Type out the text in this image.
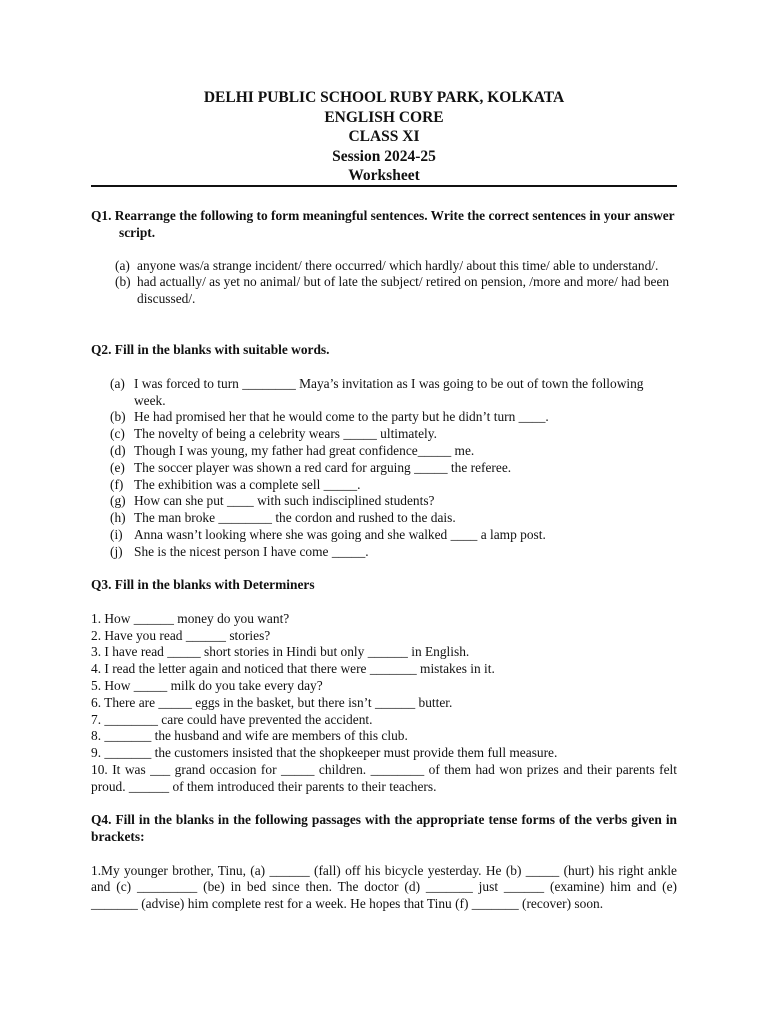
DELHI PUBLIC SCHOOL RUBY PARK, KOLKATA
ENGLISH CORE
CLASS XI
Session 2024-25
Worksheet
Q1. Rearrange the following to form meaningful sentences. Write the correct sentences in your answer script.
(a) anyone was/a strange incident/ there occurred/ which hardly/ about this time/ able to understand/.
(b) had actually/ as yet no animal/ but of late the subject/ retired on pension, /more and more/ had been discussed/.
Q2. Fill in the blanks with suitable words.
(a) I was forced to turn ________ Maya’s invitation as I was going to be out of town the following week.
(b) He had promised her that he would come to the party but he didn’t turn ____.
(c) The novelty of being a celebrity wears _____ ultimately.
(d) Though I was young, my father had great confidence_____ me.
(e) The soccer player was shown a red card for arguing _____ the referee.
(f) The exhibition was a complete sell _____.
(g) How can she put ____ with such indisciplined students?
(h) The man broke ________ the cordon and rushed to the dais.
(i) Anna wasn’t looking where she was going and she walked ____ a lamp post.
(j) She is the nicest person I have come _____.
Q3. Fill in the blanks with Determiners
1. How ______ money do you want?
2. Have you read ______ stories?
3. I have read _____ short stories in Hindi but only ______ in English.
4. I read the letter again and noticed that there were _______ mistakes in it.
5. How _____ milk do you take every day?
6. There are _____ eggs in the basket, but there isn’t ______ butter.
7. ________ care could have prevented the accident.
8. _______ the husband and wife are members of this club.
9. _______ the customers insisted that the shopkeeper must provide them full measure.
10. It was ___ grand occasion for _____ children. ________ of them had won prizes and their parents felt proud. ______ of them introduced their parents to their teachers.
Q4. Fill in the blanks in the following passages with the appropriate tense forms of the verbs given in brackets:
1.My younger brother, Tinu, (a) ______ (fall) off his bicycle yesterday. He (b) _____ (hurt) his right ankle and (c) _________ (be) in bed since then. The doctor (d) _______ just ______ (examine) him and (e) _______ (advise) him complete rest for a week. He hopes that Tinu (f) _______ (recover) soon.
